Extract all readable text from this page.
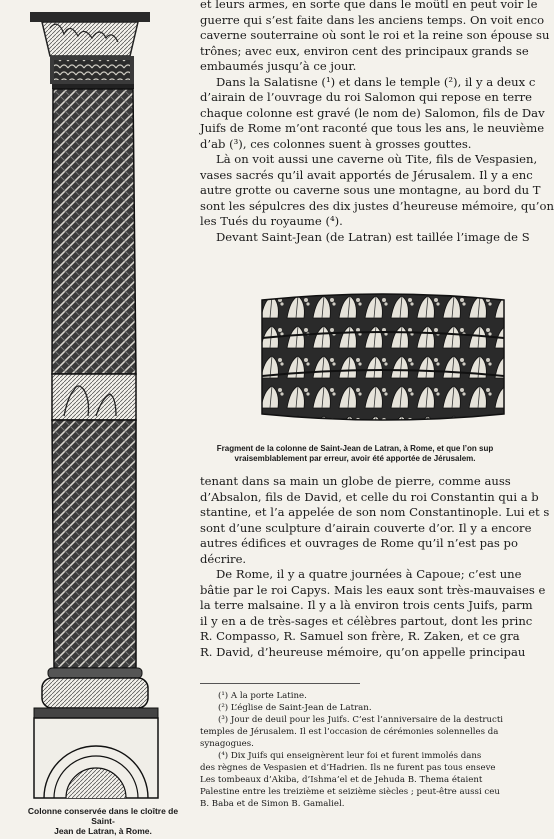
Colonne conservée dans le cloître de Saint-
Jean de Latran, à Rome.

et leurs armes, en sorte que dans le moûtl en peut voir le

guerre qui s’est faite dans les anciens temps. On voit enco

caverne souterraine où sont le roi et la reine son épouse su

trônes; avec eux, environ cent des principaux grands se

embaumés jusqu’à ce jour.

Dans la Salatisne (¹) et dans le temple (²), il y a deux c

d’airain de l’ouvrage du roi Salomon qui repose en terre

chaque colonne est gravé (le nom de) Salomon, fils de Dav

Juifs de Rome m’ont raconté que tous les ans, le neuvième

d’ab (³), ces colonnes suent à grosses gouttes.

Là on voit aussi une caverne où Tite, fils de Vespasien,

vases sacrés qu’il avait apportés de Jérusalem. Il y a enc

autre grotte ou caverne sous une montagne, au bord du T

sont les sépulcres des dix justes d’heureuse mémoire, qu’on

les Tués du royaume (⁴).

Devant Saint-Jean (de Latran) est taillée l’image de S

Fragment de la colonne de Saint-Jean de Latran, à Rome, et que l’on sup
vraisemblablement par erreur, avoir été apportée de Jérusalem.

tenant dans sa main un globe de pierre, comme auss

d’Absalon, fils de David, et celle du roi Constantin qui a b

stantine, et l’a appelée de son nom Constantinople. Lui et s

sont d’une sculpture d’airain couverte d’or. Il y a encore

autres édifices et ouvrages de Rome qu’il n’est pas po

décrire.

De Rome, il y a quatre journées à Capoue; c’est une

bâtie par le roi Capys. Mais les eaux sont très-mauvaises e

la terre malsaine. Il y a là environ trois cents Juifs, parm

il y en a de très-sages et célèbres partout, dont les princ

R. Compasso, R. Samuel son frère, R. Zaken, et ce gra

R. David, d’heureuse mémoire, qu’on appelle principau

(¹) A la porte Latine.

(²) L’église de Saint-Jean de Latran.

(³) Jour de deuil pour les Juifs. C’est l’anniversaire de la destructi

temples de Jérusalem. Il est l’occasion de cérémonies solennelles da

synagogues.

(⁴) Dix Juifs qui enseignèrent leur foi et furent immolés dans

des règnes de Vespasien et d’Hadrien. Ils ne furent pas tous enseve

Les tombeaux d’Akiba, d’Ishma’el et de Jehuda B. Thema étaient

Palestine entre les treizième et seizième siècles ; peut-être aussi ceu

B. Baba et de Simon B. Gamaliel.
